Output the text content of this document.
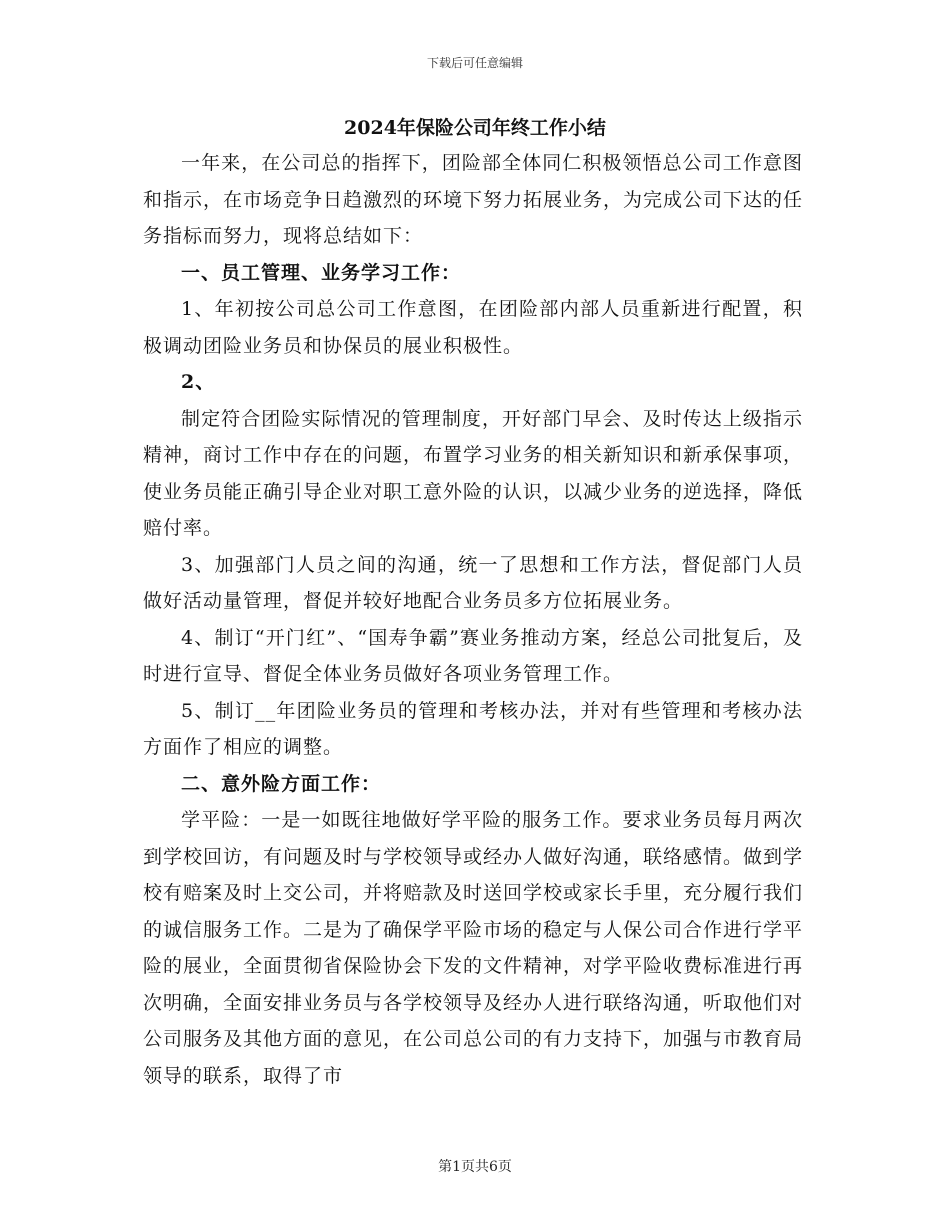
下载后可任意编辑
2024年保险公司年终工作小结

一年来，在公司总的指挥下，团险部全体同仁积极领悟总公司工作意图和指示，在市场竞争日趋激烈的环境下努力拓展业务，为完成公司下达的任务指标而努力，现将总结如下：

一、员工管理、业务学习工作：

1、年初按公司总公司工作意图，在团险部内部人员重新进行配置，积极调动团险业务员和协保员的展业积极性。

2、

制定符合团险实际情况的管理制度，开好部门早会、及时传达上级指示精神，商讨工作中存在的问题，布置学习业务的相关新知识和新承保事项，使业务员能正确引导企业对职工意外险的认识，以减少业务的逆选择，降低赔付率。

3、加强部门人员之间的沟通，统一了思想和工作方法，督促部门人员做好活动量管理，督促并较好地配合业务员多方位拓展业务。

4、制订“开门红”、“国寿争霸”赛业务推动方案，经总公司批复后，及时进行宣导、督促全体业务员做好各项业务管理工作。

5、制订__年团险业务员的管理和考核办法，并对有些管理和考核办法方面作了相应的调整。

二、意外险方面工作：

学平险：一是一如既往地做好学平险的服务工作。要求业务员每月两次到学校回访，有问题及时与学校领导或经办人做好沟通，联络感情。做到学校有赔案及时上交公司，并将赔款及时送回学校或家长手里，充分履行我们的诚信服务工作。二是为了确保学平险市场的稳定与人保公司合作进行学平险的展业，全面贯彻省保险协会下发的文件精神，对学平险收费标准进行再次明确，全面安排业务员与各学校领导及经办人进行联络沟通，听取他们对公司服务及其他方面的意见，在公司总公司的有力支持下，加强与市教育局领导的联系，取得了市

第1页共6页
